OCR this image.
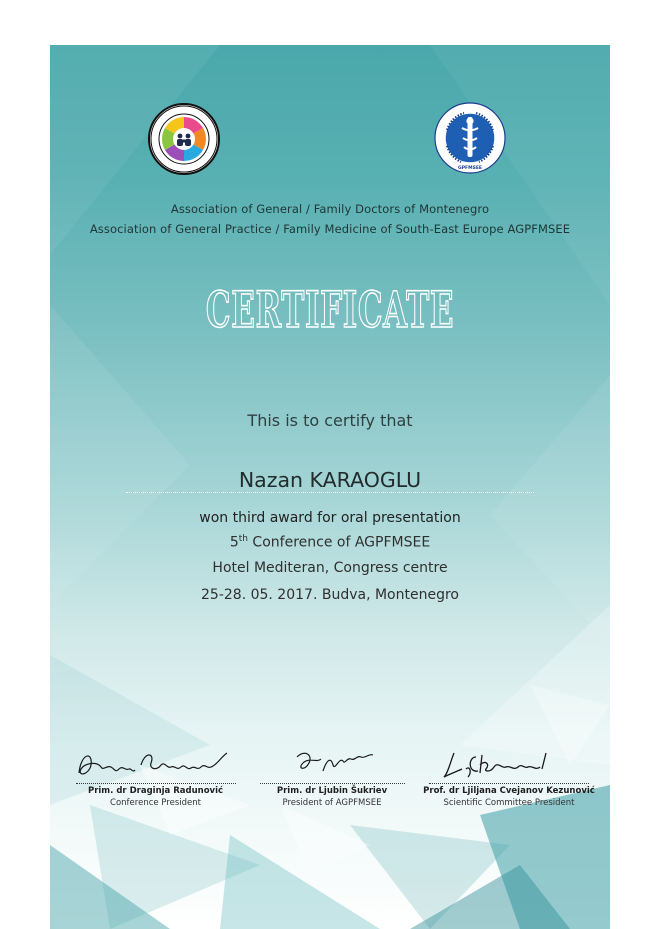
GPFMSEE
Association of General / Family Doctors of Montenegro
Association of General Practice / Family Medicine of South-East Europe AGPFMSEE
CERTIFICATE
This is to certify that
Nazan KARAOGLU
won third award for oral presentation
5th Conference of AGPFMSEE
Hotel Mediteran, Congress centre
25-28. 05. 2017. Budva, Montenegro
Prim. dr Draginja Radunović
Conference President
Prim. dr Ljubin Šukriev
President of AGPFMSEE
Prof. dr Ljiljana Cvejanov Kezunović
Scientific Committee President
